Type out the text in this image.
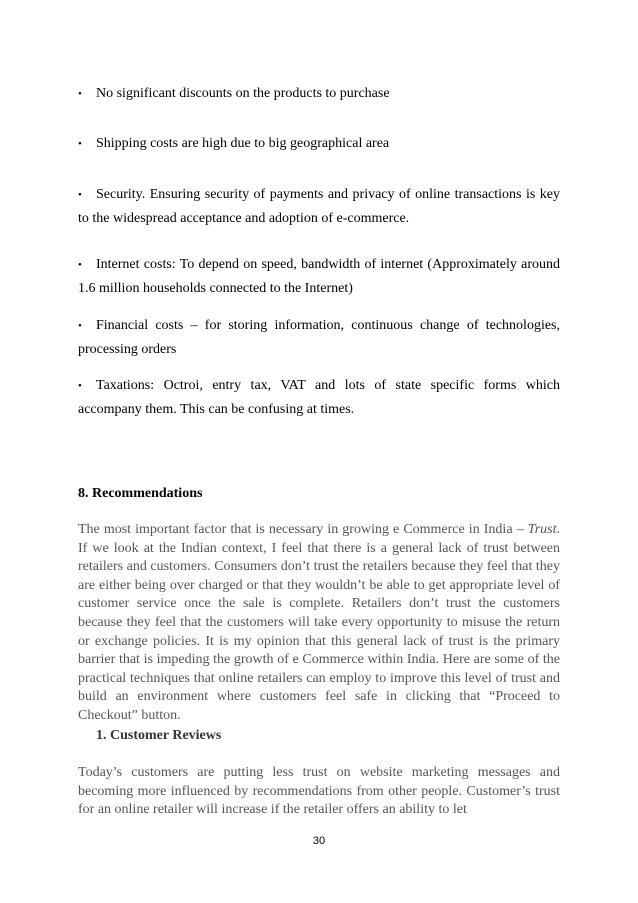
• No significant discounts on the products to purchase
• Shipping costs are high due to big geographical area
• Security. Ensuring security of payments and privacy of online transactions is key to the widespread acceptance and adoption of e-commerce.
• Internet costs: To depend on speed, bandwidth of internet (Approximately around 1.6 million households connected to the Internet)
• Financial costs – for storing information, continuous change of technologies, processing orders
• Taxations: Octroi, entry tax, VAT and lots of state specific forms which accompany them. This can be confusing at times.
8. Recommendations
The most important factor that is necessary in growing e Commerce in India – Trust. If we look at the Indian context, I feel that there is a general lack of trust between retailers and customers. Consumers don’t trust the retailers because they feel that they are either being over charged or that they wouldn’t be able to get appropriate level of customer service once the sale is complete. Retailers don’t trust the customers because they feel that the customers will take every opportunity to misuse the return or exchange policies. It is my opinion that this general lack of trust is the primary barrier that is impeding the growth of e Commerce within India. Here are some of the practical techniques that online retailers can employ to improve this level of trust and build an environment where customers feel safe in clicking that “Proceed to Checkout” button.
1. Customer Reviews
Today’s customers are putting less trust on website marketing messages and becoming more influenced by recommendations from other people. Customer’s trust for an online retailer will increase if the retailer offers an ability to let
30
